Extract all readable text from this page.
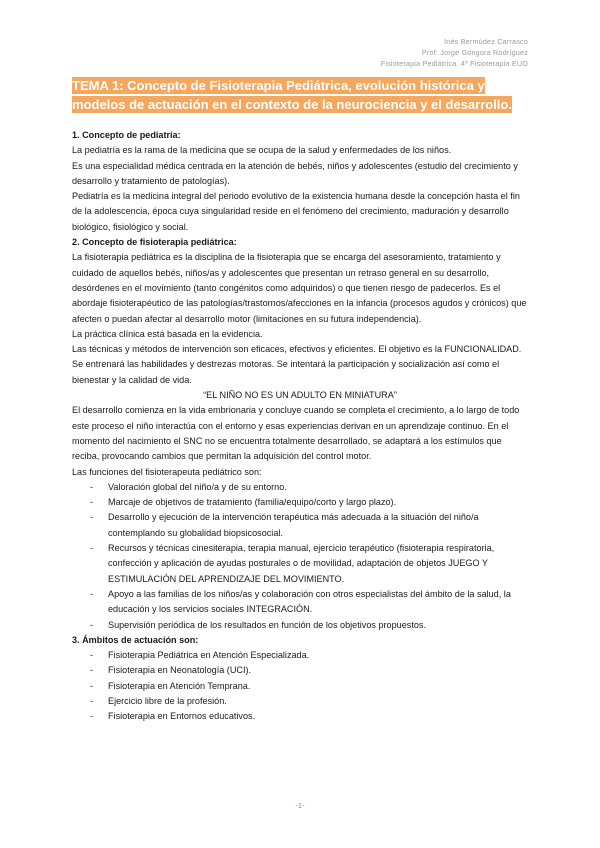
Inés Bermúdez Carrasco
Prof: Jorge Góngora Rodríguez
Fisioterapia Pediátrica. 4º Fisioterapia EUO
TEMA 1: Concepto de Fisioterapia Pediátrica, evolución histórica y modelos de actuación en el contexto de la neurociencia y el desarrollo.

1. Concepto de pediatría:

La pediatría es la rama de la medicina que se ocupa de la salud y enfermedades de los niños.

Es una especialidad médica centrada en la atención de bebés, niños y adolescentes (estudio del crecimiento y desarrollo y tratamiento de patologías).

Pediatría es la medicina integral del periodo evolutivo de la existencia humana desde la concepción hasta el fin de la adolescencia, época cuya singularidad reside en el fenómeno del crecimiento, maduración y desarrollo biológico, fisiológico y social.

2. Concepto de fisioterapia pediátrica:

La fisioterapia pediátrica es la disciplina de la fisioterapia que se encarga del asesoramiento, tratamiento y cuidado de aquellos bebés, niños/as y adolescentes que presentan un retraso general en su desarrollo, desórdenes en el movimiento (tanto congénitos como adquiridos) o que tienen riesgo de padecerlos. Es el abordaje fisioterapéutico de las patologías/trastornos/afecciones en la infancia (procesos agudos y crónicos) que afecten o puedan afectar al desarrollo motor (limitaciones en su futura independencia).

La práctica clínica está basada en la evidencia.

Las técnicas y métodos de intervención son eficaces, efectivos y eficientes. El objetivo es la FUNCIONALIDAD. Se entrenará las habilidades y destrezas motoras. Se intentará la participación y socialización así como el bienestar y la calidad de vida.

“EL NIÑO NO ES UN ADULTO EN MINIATURA”

El desarrollo comienza en la vida embrionaria y concluye cuando se completa el crecimiento, a lo largo de todo este proceso el niño interactúa con el entorno y esas experiencias derivan en un aprendizaje continuo. En el momento del nacimiento el SNC no se encuentra totalmente desarrollado, se adaptará a los estímulos que reciba, provocando cambios que permitan la adquisición del control motor.

Las funciones del fisioterapeuta pediátrico son:

- Valoración global del niño/a y de su entorno.
- Marcaje de objetivos de tratamiento (familia/equipo/corto y largo plazo).
- Desarrollo y ejecución de la intervención terapéutica más adecuada a la situación del niño/a contemplando su globalidad biopsicosocial.
- Recursos y técnicas cinesiterapia, terapia manual, ejercicio terapéutico (fisioterapia respiratoria, confección y aplicación de ayudas posturales o de movilidad, adaptación de objetos JUEGO Y ESTIMULACIÓN DEL APRENDIZAJE DEL MOVIMIENTO.
- Apoyo a las familias de los niños/as y colaboración con otros especialistas del ámbito de la salud, la educación y los servicios sociales INTEGRACIÓN.
- Supervisión periódica de los resultados en función de los objetivos propuestos.

3. Ámbitos de actuación son:

- Fisioterapia Pediátrica en Atención Especializada.
- Fisioterapia en Neonatología (UCI).
- Fisioterapia en Atención Temprana.
- Ejercicio libre de la profesión.
- Fisioterapia en Entornos educativos.
-1-
